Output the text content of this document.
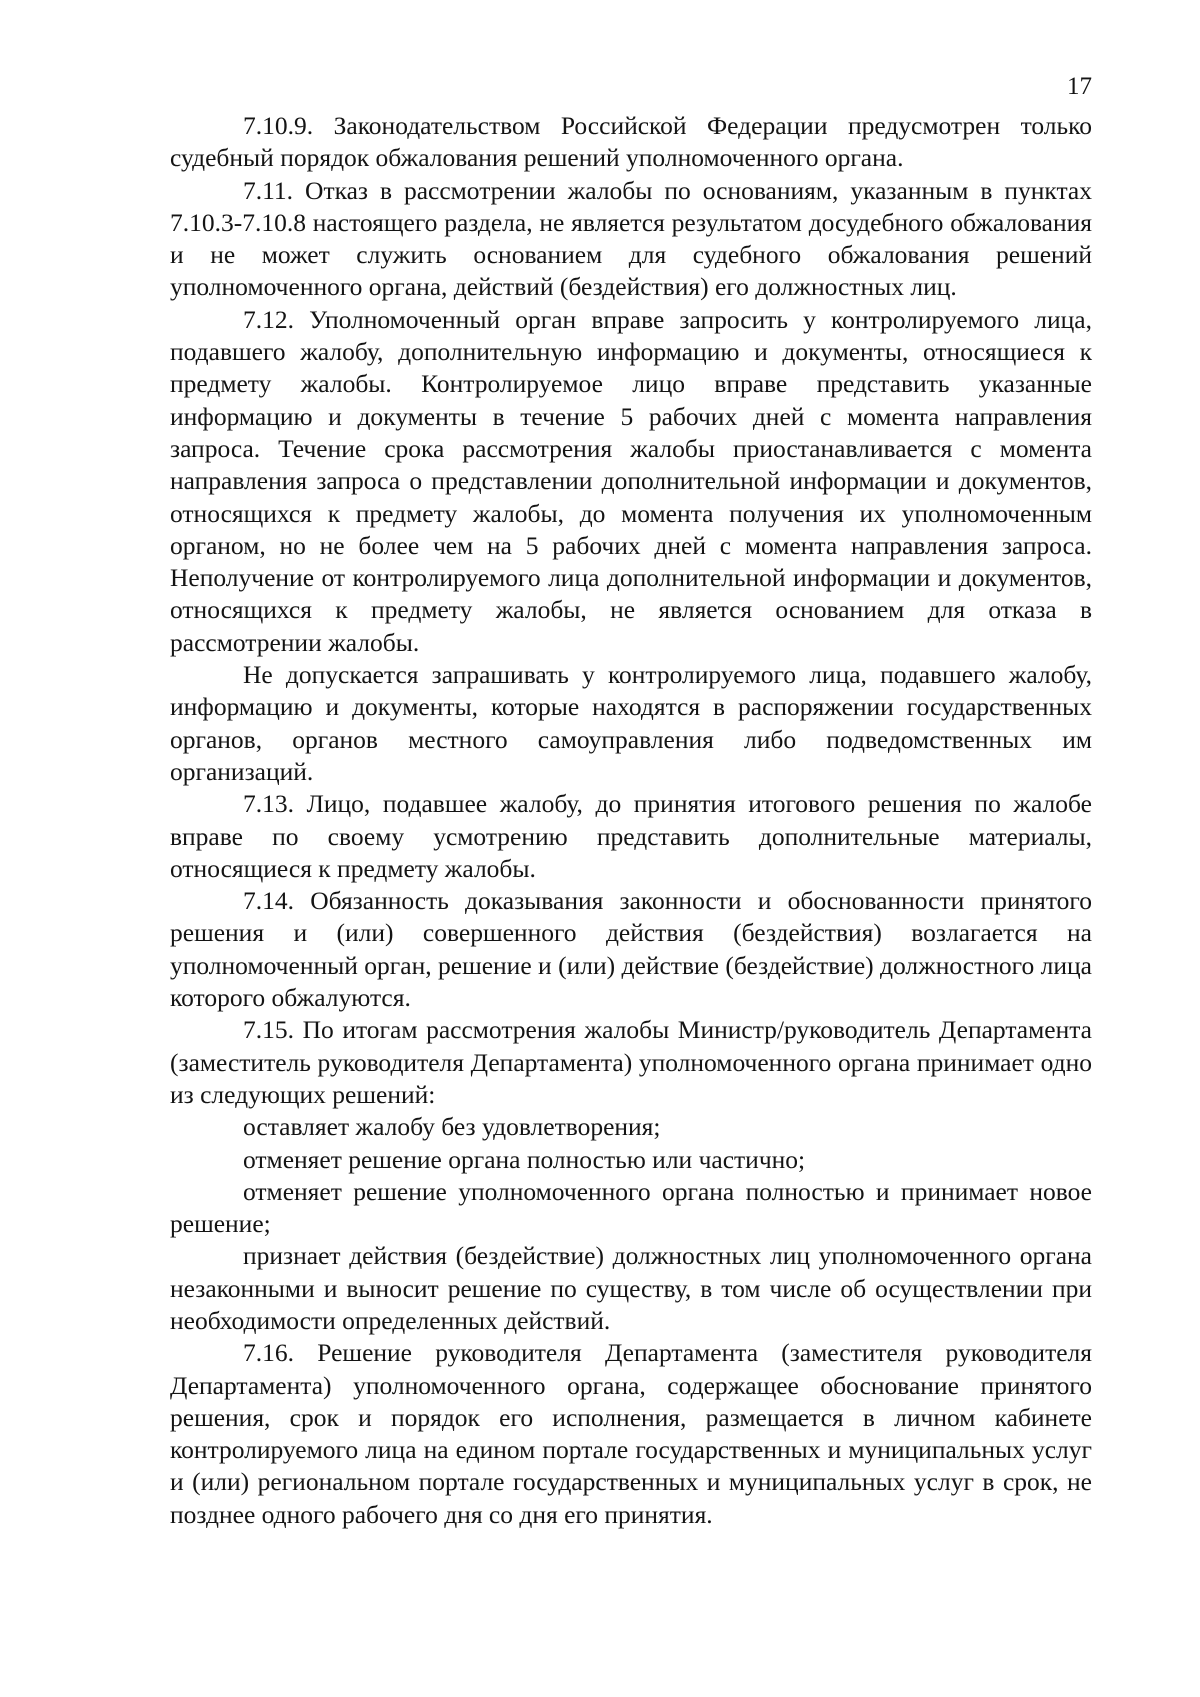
17

7.10.9. Законодательством Российской Федерации предусмотрен только судебный порядок обжалования решений уполномоченного органа.

7.11. Отказ в рассмотрении жалобы по основаниям, указанным в пунктах 7.10.3-7.10.8 настоящего раздела, не является результатом досудебного обжалования и не может служить основанием для судебного обжалования решений уполномоченного органа, действий (бездействия) его должностных лиц.

7.12. Уполномоченный орган вправе запросить у контролируемого лица, подавшего жалобу, дополнительную информацию и документы, относящиеся к предмету жалобы. Контролируемое лицо вправе представить указанные информацию и документы в течение 5 рабочих дней с момента направления запроса. Течение срока рассмотрения жалобы приостанавливается с момента направления запроса о представлении дополнительной информации и документов, относящихся к предмету жалобы, до момента получения их уполномоченным органом, но не более чем на 5 рабочих дней с момента направления запроса. Неполучение от контролируемого лица дополнительной информации и документов, относящихся к предмету жалобы, не является основанием для отказа в рассмотрении жалобы.

Не допускается запрашивать у контролируемого лица, подавшего жалобу, информацию и документы, которые находятся в распоряжении государственных органов, органов местного самоуправления либо подведомственных им организаций.

7.13. Лицо, подавшее жалобу, до принятия итогового решения по жалобе вправе по своему усмотрению представить дополнительные материалы, относящиеся к предмету жалобы.

7.14. Обязанность доказывания законности и обоснованности принятого решения и (или) совершенного действия (бездействия) возлагается на уполномоченный орган, решение и (или) действие (бездействие) должностного лица которого обжалуются.

7.15. По итогам рассмотрения жалобы Министр/руководитель Департамента (заместитель руководителя Департамента) уполномоченного органа принимает одно из следующих решений:

оставляет жалобу без удовлетворения;

отменяет решение органа полностью или частично;

отменяет решение уполномоченного органа полностью и принимает новое решение;

признает действия (бездействие) должностных лиц уполномоченного органа незаконными и выносит решение по существу, в том числе об осуществлении при необходимости определенных действий.

7.16. Решение руководителя Департамента (заместителя руководителя Департамента) уполномоченного органа, содержащее обоснование принятого решения, срок и порядок его исполнения, размещается в личном кабинете контролируемого лица на едином портале государственных и муниципальных услуг и (или) региональном портале государственных и муниципальных услуг в срок, не позднее одного рабочего дня со дня его принятия.
